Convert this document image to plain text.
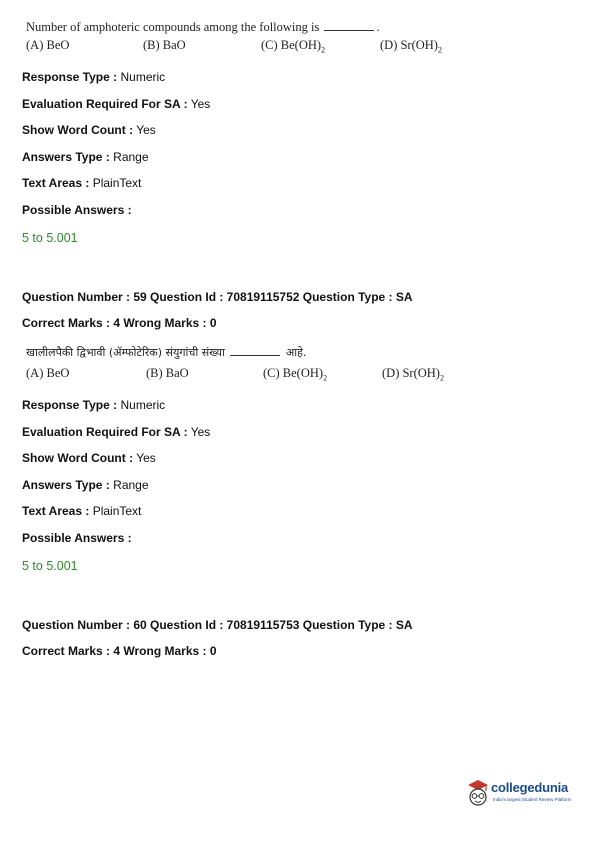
Number of amphoteric compounds among the following is	.
(A) BeO	(B) BaO	(C) $Be(OH)_2$	(D) $Sr(OH)_2$
Response Type : Numeric
Evaluation Required For SA : Yes
Show Word Count : Yes
Answers Type : Range
Text Areas : PlainText
Possible Answers :
5 to 5.001
Question Number : 59 Question Id : 70819115752 Question Type : SA
Correct Marks : 4 Wrong Marks : 0
खालीलपैकी द्विभावी (ॲम्फोटेरिक) संयुगांची संख्या	आहे.
(A) BeO	(B) BaO	(C) $Be(OH)_2$	(D) $Sr(OH)_2$
Response Type : Numeric
Evaluation Required For SA : Yes
Show Word Count : Yes
Answers Type : Range
Text Areas : PlainText
Possible Answers :
5 to 5.001
Question Number : 60 Question Id : 70819115753 Question Type : SA
Correct Marks : 4 Wrong Marks : 0
collegedunia
India's largest Student Review Platform
